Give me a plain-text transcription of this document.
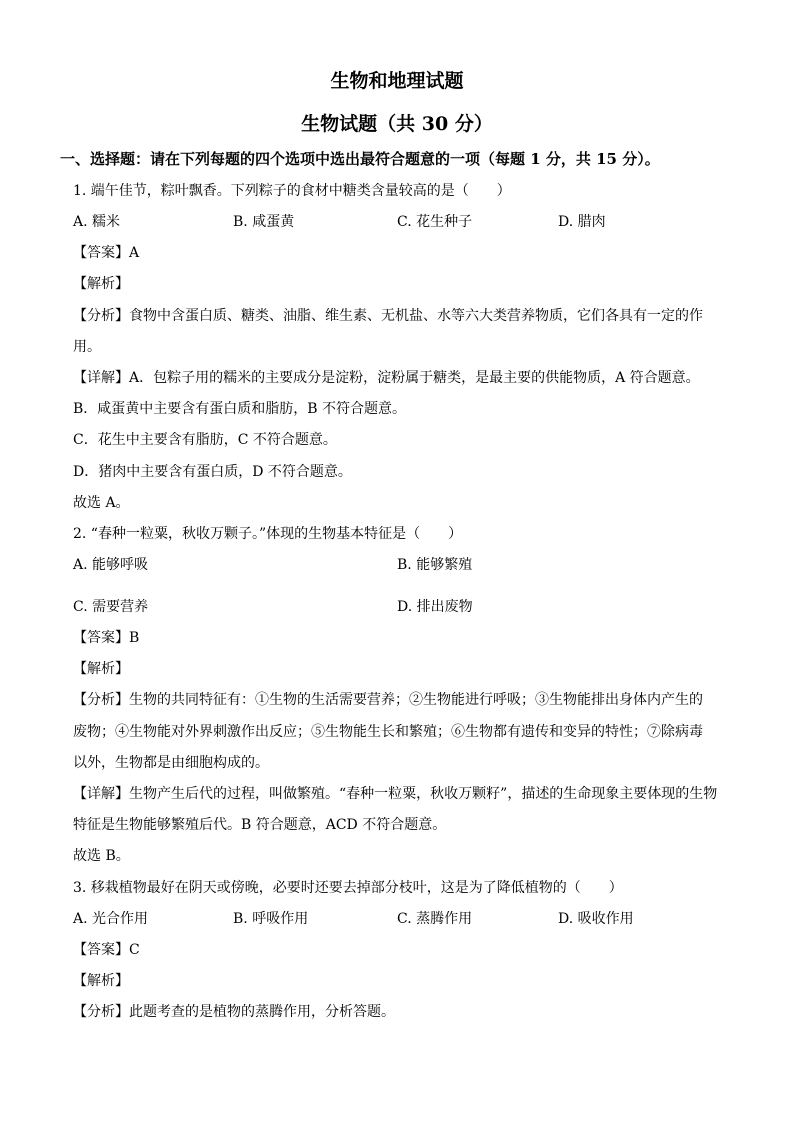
生物和地理试题
生物试题（共 30 分）
一、选择题：请在下列每题的四个选项中选出最符合题意的一项（每题 1 分，共 15 分）。
1. 端午佳节，粽叶飘香。下列粽子的食材中糖类含量较高的是（　　）
A. 糯米	B. 咸蛋黄	C. 花生种子	D. 腊肉
【答案】A
【解析】
【分析】食物中含蛋白质、糖类、油脂、维生素、无机盐、水等六大类营养物质，它们各具有一定的作
用。
【详解】A．包粽子用的糯米的主要成分是淀粉，淀粉属于糖类，是最主要的供能物质，A 符合题意。
B．咸蛋黄中主要含有蛋白质和脂肪，B 不符合题意。
C．花生中主要含有脂肪，C 不符合题意。
D．猪肉中主要含有蛋白质，D 不符合题意。
故选 A。
2. “春种一粒粟，秋收万颗子。”体现的生物基本特征是（　　）
A. 能够呼吸	B. 能够繁殖
C. 需要营养	D. 排出废物
【答案】B
【解析】
【分析】生物的共同特征有：①生物的生活需要营养；②生物能进行呼吸；③生物能排出身体内产生的
废物；④生物能对外界刺激作出反应；⑤生物能生长和繁殖；⑥生物都有遗传和变异的特性；⑦除病毒
以外，生物都是由细胞构成的。
【详解】生物产生后代的过程，叫做繁殖。“春种一粒粟，秋收万颗籽”，描述的生命现象主要体现的生物
特征是生物能够繁殖后代。B 符合题意，ACD 不符合题意。
故选 B。
3. 移栽植物最好在阴天或傍晚，必要时还要去掉部分枝叶，这是为了降低植物的（　　）
A. 光合作用	B. 呼吸作用	C. 蒸腾作用	D. 吸收作用
【答案】C
【解析】
【分析】此题考查的是植物的蒸腾作用，分析答题。
